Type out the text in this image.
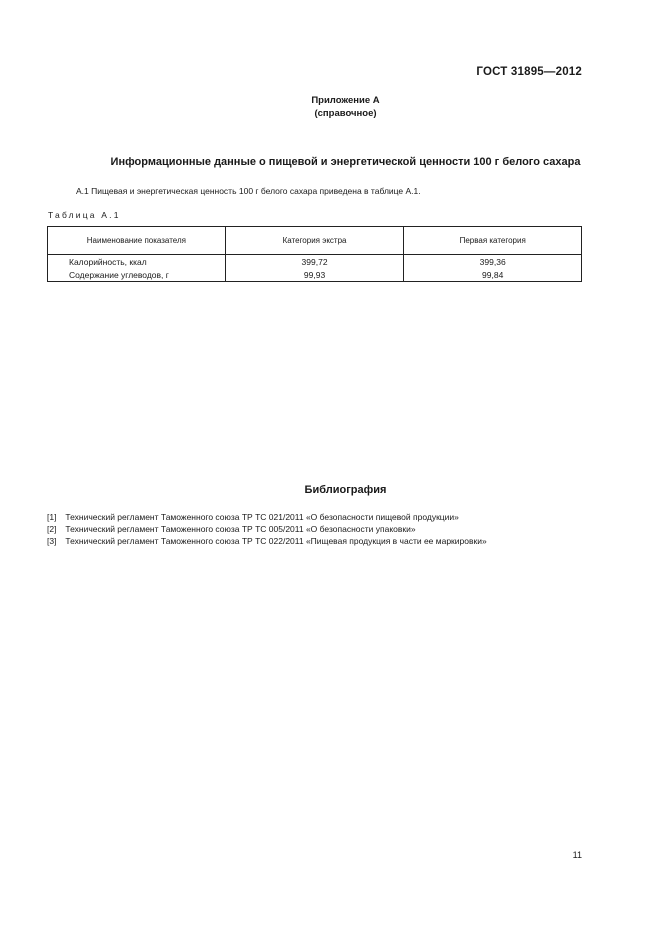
ГОСТ 31895—2012
Приложение А
(справочное)
Информационные данные о пищевой и энергетической ценности 100 г белого сахара
А.1 Пищевая и энергетическая ценность 100 г белого сахара приведена в таблице А.1.
Таблица А.1
Наименование показателя	Категория экстра	Первая категория
Калорийность, ккал	399,72	399,36
Содержание углеводов, г	99,93	99,84
Библиография
[1] Технический регламент Таможенного союза ТР ТС 021/2011 «О безопасности пищевой продукции»
[2] Технический регламент Таможенного союза ТР ТС 005/2011 «О безопасности упаковки»
[3] Технический регламент Таможенного союза ТР ТС 022/2011 «Пищевая продукция в части ее маркировки»
11
